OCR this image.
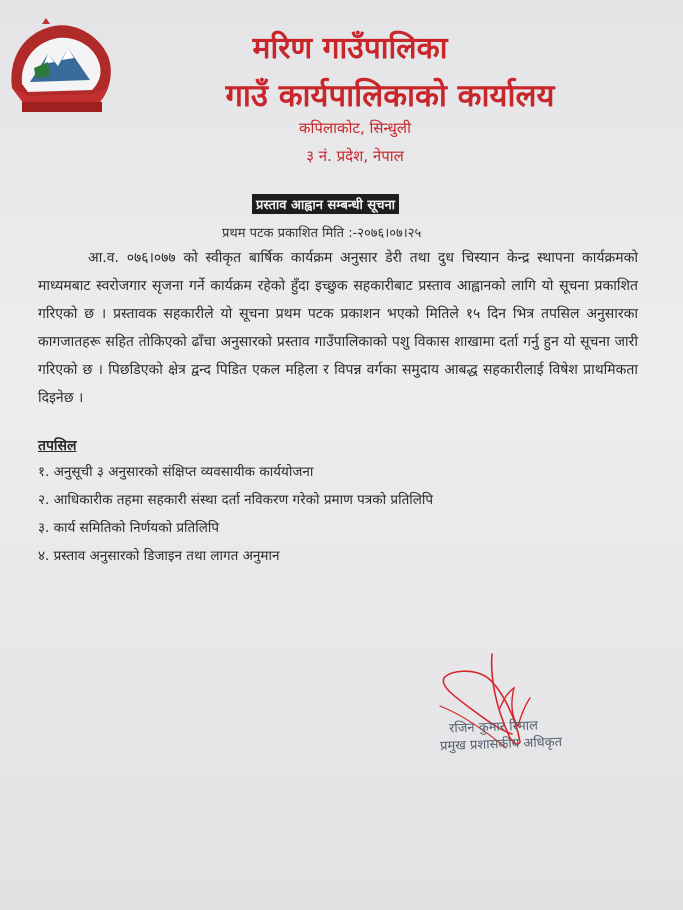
मरिण गाउँपालिका
गाउँ कार्यपालिकाको कार्यालय
कपिलाकोट, सिन्धुली
३ नं. प्रदेश, नेपाल
प्रस्ताव आह्वान सम्बन्धी सूचना
प्रथम पटक प्रकाशित मिति :-२०७६।०७।२५
आ.व. ०७६।०७७ को स्वीकृत बार्षिक कार्यक्रम अनुसार डेरी तथा दुध चिस्यान केन्द्र स्थापना कार्यक्रमको माध्यमबाट स्वरोजगार सृजना गर्ने कार्यक्रम रहेको हुँदा इच्छुक सहकारीबाट प्रस्ताव आह्वानको लागि यो सूचना प्रकाशित गरिएको छ । प्रस्तावक सहकारीले यो सूचना प्रथम पटक प्रकाशन भएको मितिले १५ दिन भित्र तपसिल अनुसारका कागजातहरू सहित तोकिएको ढाँचा अनुसारको प्रस्ताव गाउँपालिकाको पशु विकास शाखामा दर्ता गर्नु हुन यो सूचना जारी गरिएको छ । पिछडिएको क्षेत्र द्वन्द पिडित एकल महिला र विपन्न वर्गका समुदाय आबद्ध सहकारीलाई विषेश प्राथमिकता दिइनेछ ।
तपसिल
१. अनुसूची ३ अनुसारको संक्षिप्त व्यवसायीक कार्ययोजना
२. आधिकारीक तहमा सहकारी संस्था दर्ता नविकरण गरेको प्रमाण पत्रको प्रतिलिपि
३. कार्य समितिको निर्णयको प्रतिलिपि
४. प्रस्ताव अनुसारको डिजाइन तथा लागत अनुमान
रजिन कुमार रिमाल
प्रमुख प्रशासकीय अधिकृत
